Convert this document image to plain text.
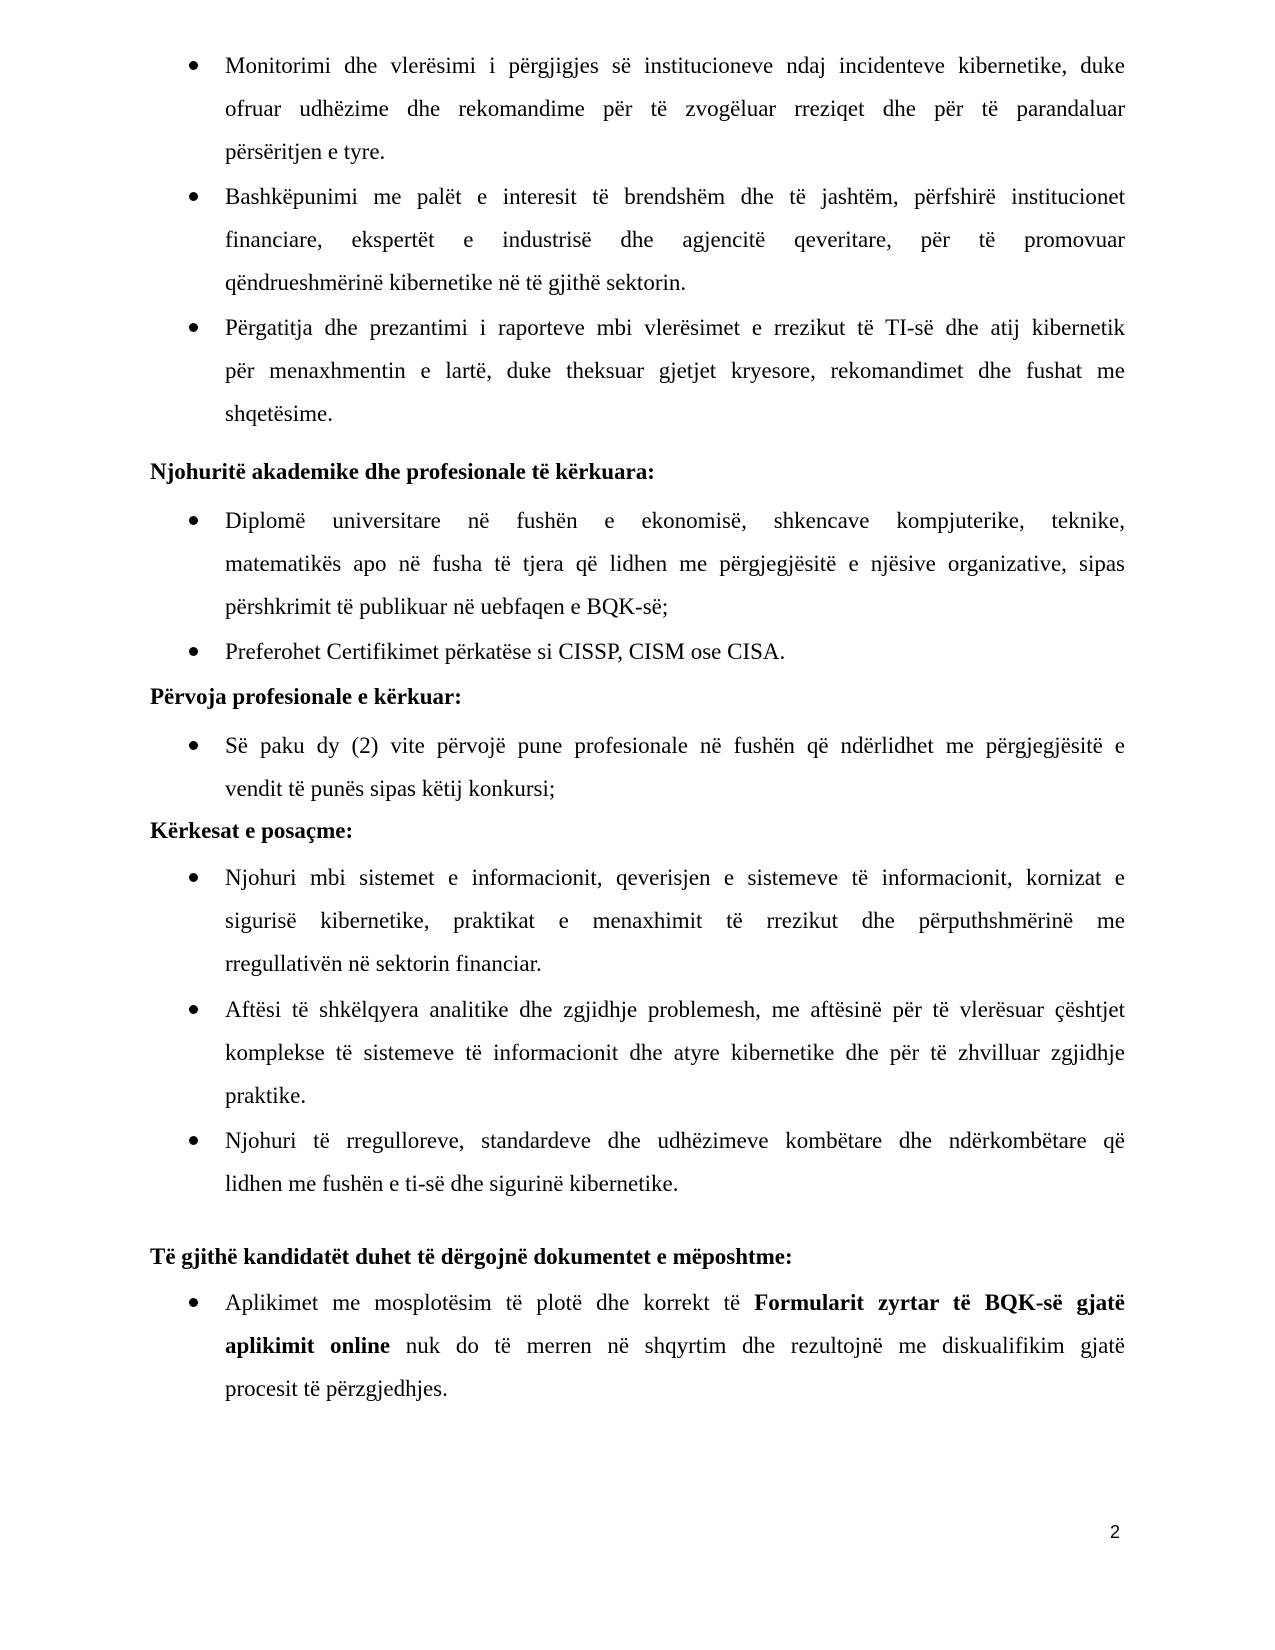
Monitorimi dhe vlerësimi i përgjigjes së institucioneve ndaj incidenteve kibernetike, duke
ofruar udhëzime dhe rekomandime për të zvogëluar rreziqet dhe për të parandaluar
përsëritjen e tyre.
Bashkëpunimi me palët e interesit të brendshëm dhe të jashtëm, përfshirë institucionet
financiare, ekspertët e industrisë dhe agjencitë qeveritare, për të promovuar
qëndrueshmërinë kibernetike në të gjithë sektorin.
Përgatitja dhe prezantimi i raporteve mbi vlerësimet e rrezikut të TI-së dhe atij kibernetik
për menaxhmentin e lartë, duke theksuar gjetjet kryesore, rekomandimet dhe fushat me
shqetësime.
Njohuritë akademike dhe profesionale të kërkuara:
Diplomë universitare në fushën e ekonomisë, shkencave kompjuterike, teknike,
matematikës apo në fusha të tjera që lidhen me përgjegjësitë e njësive organizative, sipas
përshkrimit të publikuar në uebfaqen e BQK-së;
Preferohet Certifikimet përkatëse si CISSP, CISM ose CISA.
Përvoja profesionale e kërkuar:
Së paku dy (2) vite përvojë pune profesionale në fushën që ndërlidhet me përgjegjësitë e
vendit të punës sipas këtij konkursi;
Kërkesat e posaçme:
Njohuri mbi sistemet e informacionit, qeverisjen e sistemeve të informacionit, kornizat e
sigurisë kibernetike, praktikat e menaxhimit të rrezikut dhe përputhshmërinë me
rregullativën në sektorin financiar.
Aftësi të shkëlqyera analitike dhe zgjidhje problemesh, me aftësinë për të vlerësuar çështjet
komplekse të sistemeve të informacionit dhe atyre kibernetike dhe për të zhvilluar zgjidhje
praktike.
Njohuri të rregulloreve, standardeve dhe udhëzimeve kombëtare dhe ndërkombëtare që
lidhen me fushën e ti-së dhe sigurinë kibernetike.
Të gjithë kandidatët duhet të dërgojnë dokumentet e mëposhtme:
Aplikimet me mosplotësim të plotë dhe korrekt të Formularit zyrtar të BQK-së gjatë
aplikimit online nuk do të merren në shqyrtim dhe rezultojnë me diskualifikim gjatë
procesit të përzgjedhjes.
2
